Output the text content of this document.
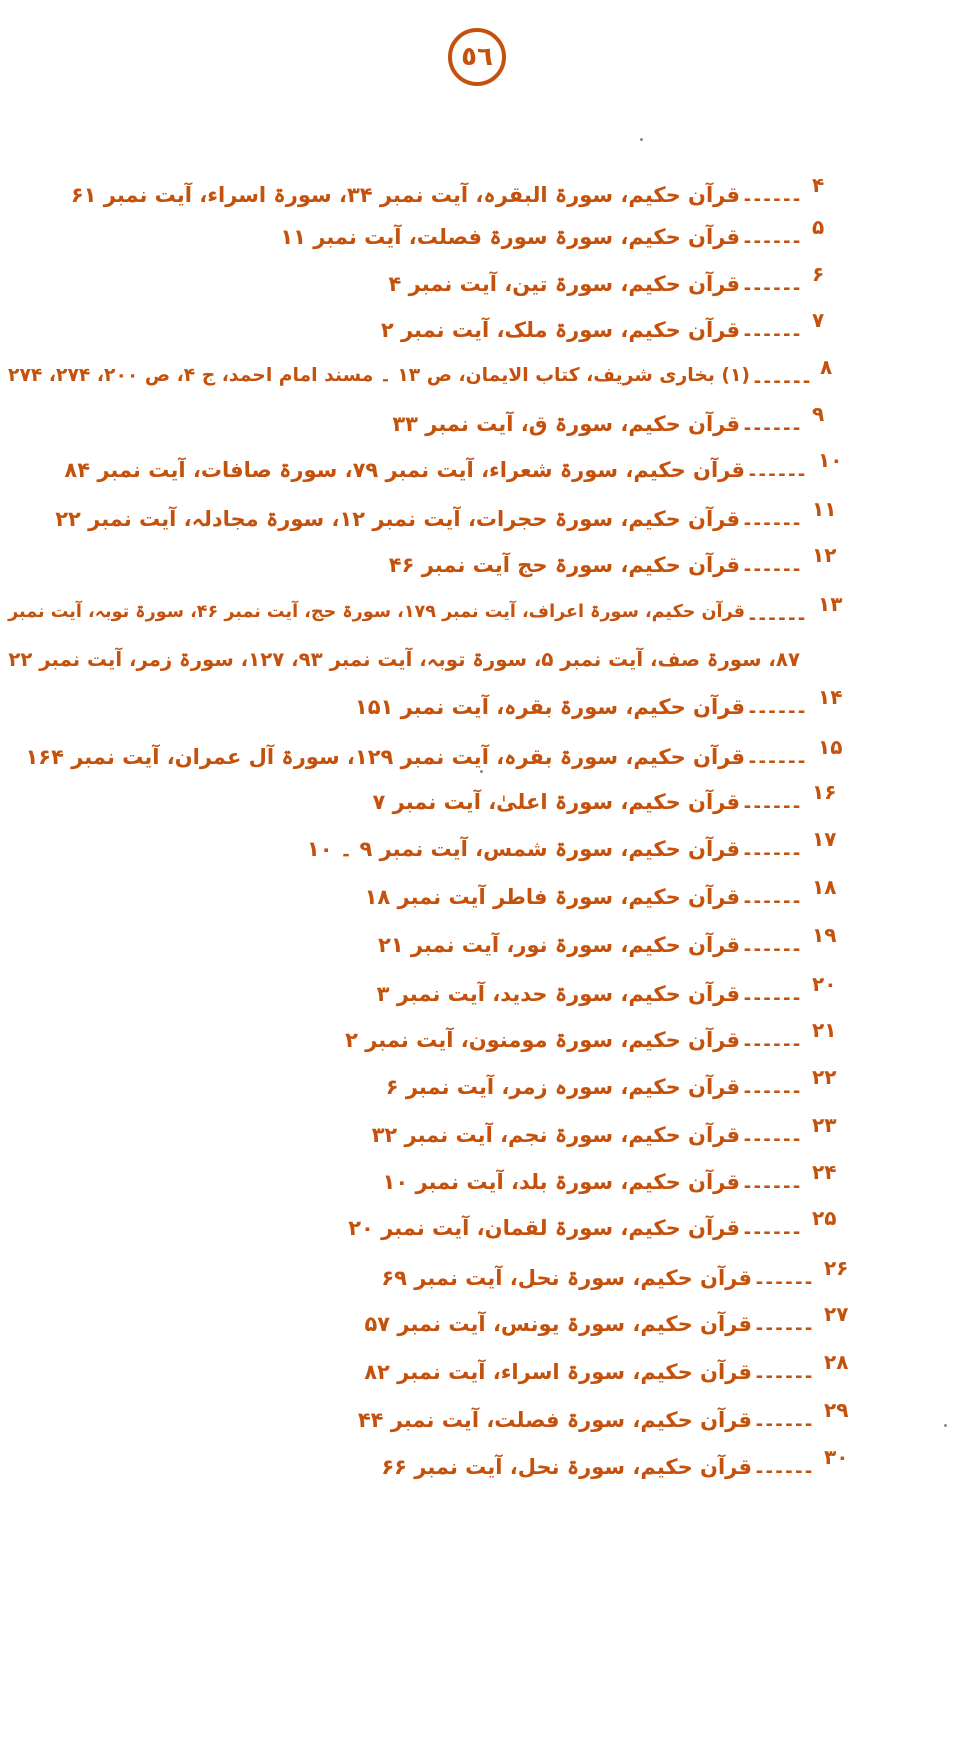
٥٦
۴
------
قرآن حکیم، سورۃ البقرہ، آیت نمبر ۳۴، سورۃ اسراء، آیت نمبر ۶۱
۵
------
قرآن حکیم، سورۃ سورۃ فصلت، آیت نمبر ۱۱
۶
------
قرآن حکیم، سورۃ تین، آیت نمبر ۴
۷
------
قرآن حکیم، سورۃ ملک، آیت نمبر ۲
۸
------
(۱) بخاری شریف، کتاب الایمان، ص ۱۳ ۔ مسند امام احمد، ج ۴، ص ۲۰۰، ۲۷۴، ۲۷۴
۹
------
قرآن حکیم، سورۃ ق، آیت نمبر ۳۳
۱۰
------
قرآن حکیم، سورۃ شعراء، آیت نمبر ۷۹، سورۃ صافات، آیت نمبر ۸۴
۱۱
------
قرآن حکیم، سورۃ حجرات، آیت نمبر ۱۲، سورۃ مجادلہ، آیت نمبر ۲۲
۱۲
------
قرآن حکیم، سورۃ حج آیت نمبر ۴۶
۱۳
------
قرآن حکیم، سورۃ اعراف، آیت نمبر ۱۷۹، سورۃ حج، آیت نمبر ۴۶، سورۃ توبہ، آیت نمبر
۸۷، سورۃ صف، آیت نمبر ۵، سورۃ توبہ، آیت نمبر ۹۳، ۱۲۷، سورۃ زمر، آیت نمبر ۲۲
۱۴
------
قرآن حکیم، سورۃ بقرہ، آیت نمبر ۱۵۱
۱۵
------
قرآن حکیم، سورۃ بقرہ، آیت نمبر ۱۲۹، سورۃ آل عمران، آیت نمبر ۱۶۴
۱۶
------
قرآن حکیم، سورۃ اعلیٰ، آیت نمبر ۷
۱۷
------
قرآن حکیم، سورۃ شمس، آیت نمبر ۹ ۔ ۱۰
۱۸
------
قرآن حکیم، سورۃ فاطر آیت نمبر ۱۸
۱۹
------
قرآن حکیم، سورۃ نور، آیت نمبر ۲۱
۲۰
------
قرآن حکیم، سورۃ حدید، آیت نمبر ۳
۲۱
------
قرآن حکیم، سورۃ مومنون، آیت نمبر ۲
۲۲
------
قرآن حکیم، سورہ زمر، آیت نمبر ۶
۲۳
------
قرآن حکیم، سورۃ نجم، آیت نمبر ۳۲
۲۴
------
قرآن حکیم، سورۃ بلد، آیت نمبر ۱۰
۲۵
------
قرآن حکیم، سورۃ لقمان، آیت نمبر ۲۰
۲۶
------
قرآن حکیم، سورۃ نحل، آیت نمبر ۶۹
۲۷
------
قرآن حکیم، سورۃ یونس، آیت نمبر ۵۷
۲۸
------
قرآن حکیم، سورۃ اسراء، آیت نمبر ۸۲
۲۹
------
قرآن حکیم، سورۃ فصلت، آیت نمبر ۴۴
۳۰
------
قرآن حکیم، سورۃ نحل، آیت نمبر ۶۶
